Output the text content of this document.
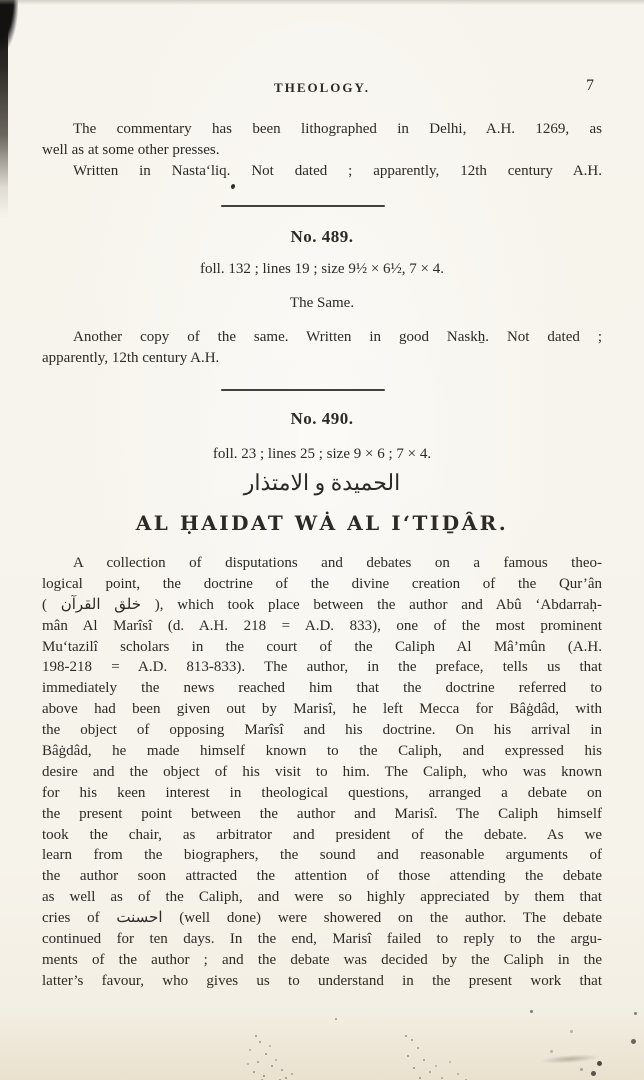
THEOLOGY.	7
The commentary has been lithographed in Delhi, A.H. 1269, as
well as at some other presses.
Written in Nastaʻliq. Not dated ; apparently, 12th century A.H.
No. 489.
foll. 132 ; lines 19 ; size 9½ × 6½, 7 × 4.
The Same.
Another copy of the same. Written in good Naskẖ. Not dated ;
apparently, 12th century A.H.
No. 490.
foll. 23 ; lines 25 ; size 9 × 6 ; 7 × 4.
الحميدة و الامتذار
AL ḤAIDAT WȦ AL IʻTIḎÂR.
A collection of disputations and debates on a famous theo-
logical point, the doctrine of the divine creation of the Qur’ân
( خلق القرآن ), which took place between the author and Abû ʻAbdarraḥ-
mân Al Marîsî (d. A.H. 218 = A.D. 833), one of the most prominent
Muʻtazilî scholars in the court of the Caliph Al Mâ’mûn (A.H.
198-218 = A.D. 813-833). The author, in the preface, tells us that
immediately the news reached him that the doctrine referred to
above had been given out by Marisî, he left Mecca for Bâġdâd, with
the object of opposing Marîsî and his doctrine. On his arrival in
Bâġdâd, he made himself known to the Caliph, and expressed his
desire and the object of his visit to him. The Caliph, who was known
for his keen interest in theological questions, arranged a debate on
the present point between the author and Marisî. The Caliph himself
took the chair, as arbitrator and president of the debate. As we
learn from the biographers, the sound and reasonable arguments of
the author soon attracted the attention of those attending the debate
as well as of the Caliph, and were so highly appreciated by them that
cries of احسنت (well done) were showered on the author. The debate
continued for ten days. In the end, Marisî failed to reply to the argu-
ments of the author ; and the debate was decided by the Caliph in the
latter’s favour, who gives us to understand in the present work that
